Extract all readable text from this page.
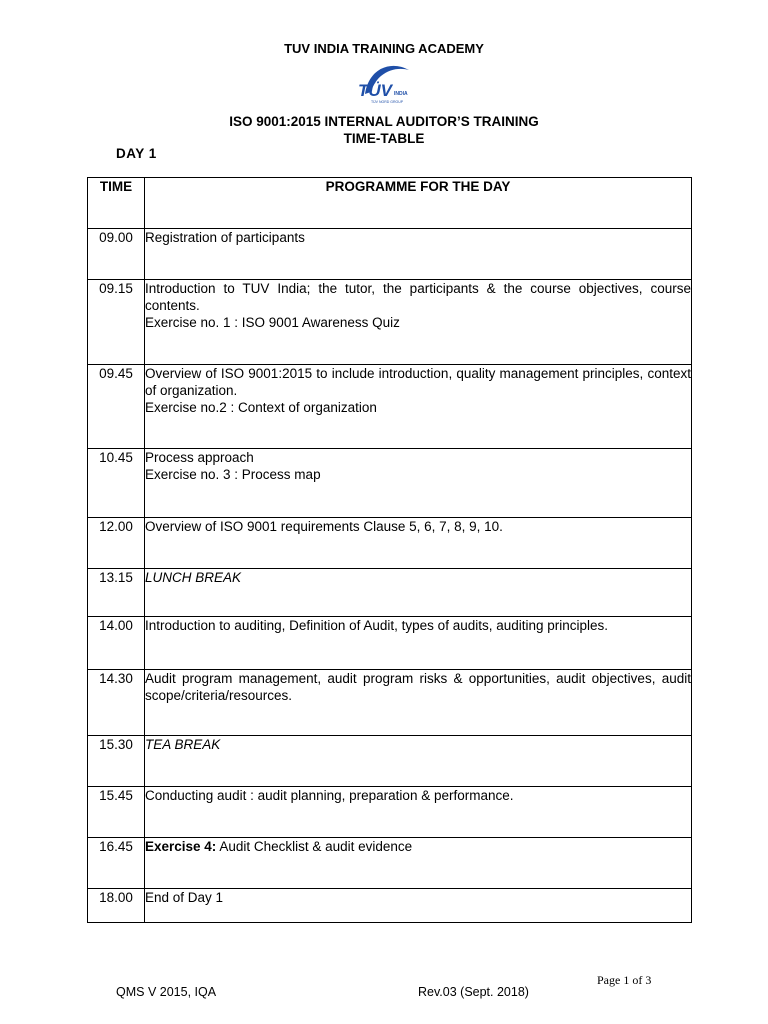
TUV INDIA TRAINING ACADEMY
TÜV INDIA
TÜV NORD GROUP
ISO 9001:2015 INTERNAL AUDITOR’S TRAINING
TIME-TABLE
DAY 1
TIME	PROGRAMME FOR THE DAY
09.00	Registration of participants

09.15	Introduction to TUV India; the tutor, the participants & the course objectives, course contents.
Exercise no. 1 : ISO 9001 Awareness Quiz

09.45	Overview of ISO 9001:2015 to include introduction, quality management principles, context of organization.
Exercise no.2 : Context of organization

10.45	Process approach
Exercise no. 3 : Process map

12.00	Overview of ISO 9001 requirements Clause 5, 6, 7, 8, 9, 10.

13.15	LUNCH BREAK

14.00	Introduction to auditing, Definition of Audit, types of audits, auditing principles.

14.30	Audit program management, audit program risks & opportunities, audit objectives, audit scope/criteria/resources.

15.30	TEA BREAK

15.45	Conducting audit : audit planning, preparation & performance.

16.45	Exercise 4: Audit Checklist & audit evidence

18.00	End of Day 1
Page 1 of 3
QMS V 2015, IQA	Rev.03 (Sept. 2018)
